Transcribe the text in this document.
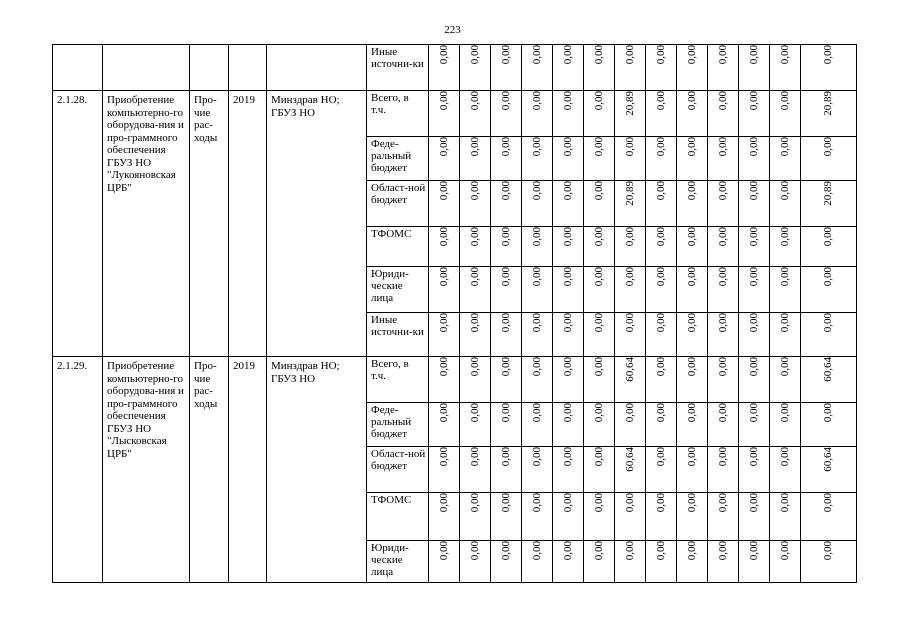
223

					Иные источни-ки	0,00	0,00	0,00	0,00	0,00	0,00	0,00	0,00	0,00	0,00	0,00	0,00	0,00

2.1.28.	Приобретение компьютерно-го оборудова-ния и про-граммного обеспечения ГБУЗ НО "Лукояновская ЦРБ"	Про-чие рас-ходы	2019	Минздрав НО; ГБУЗ НО	Всего, в т.ч.	0,00	0,00	0,00	0,00	0,00	0,00	20,89	0,00	0,00	0,00	0,00	0,00	20,89

					Феде-ральный бюджет	0,00	0,00	0,00	0,00	0,00	0,00	0,00	0,00	0,00	0,00	0,00	0,00	0,00

					Област-ной бюджет	0,00	0,00	0,00	0,00	0,00	0,00	20,89	0,00	0,00	0,00	0,00	0,00	20,89

					ТФОМС	0,00	0,00	0,00	0,00	0,00	0,00	0,00	0,00	0,00	0,00	0,00	0,00	0,00

					Юриди-ческие лица	0,00	0,00	0,00	0,00	0,00	0,00	0,00	0,00	0,00	0,00	0,00	0,00	0,00

					Иные источни-ки	0,00	0,00	0,00	0,00	0,00	0,00	0,00	0,00	0,00	0,00	0,00	0,00	0,00

2.1.29.	Приобретение компьютерно-го оборудова-ния и про-граммного обеспечения ГБУЗ НО "Лысковская ЦРБ"	Про-чие рас-ходы	2019	Минздрав НО; ГБУЗ НО	Всего, в т.ч.	0,00	0,00	0,00	0,00	0,00	0,00	60,64	0,00	0,00	0,00	0,00	0,00	60,64

					Феде-ральный бюджет	0,00	0,00	0,00	0,00	0,00	0,00	0,00	0,00	0,00	0,00	0,00	0,00	0,00

					Област-ной бюджет	0,00	0,00	0,00	0,00	0,00	0,00	60,64	0,00	0,00	0,00	0,00	0,00	60,64

					ТФОМС	0,00	0,00	0,00	0,00	0,00	0,00	0,00	0,00	0,00	0,00	0,00	0,00	0,00

					Юриди-ческие лица	0,00	0,00	0,00	0,00	0,00	0,00	0,00	0,00	0,00	0,00	0,00	0,00	0,00
